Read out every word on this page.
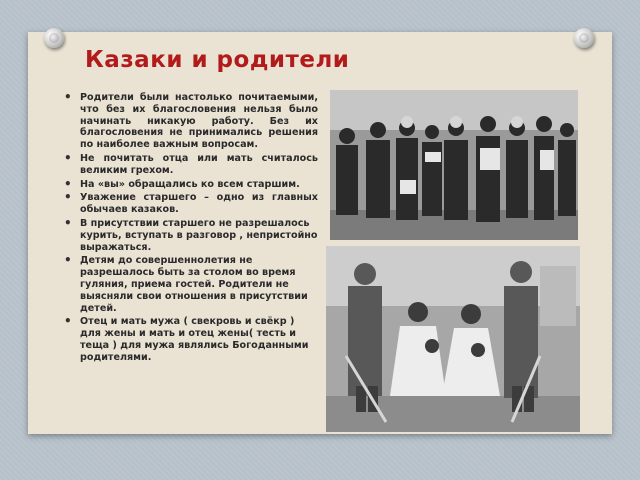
Казаки и родители
• Родители были настолько почитаемыми, что без их благословения нельзя было начинать никакую работу. Без их благословения не принимались решения по наиболее важным вопросам.
• Не почитать отца или мать считалось великим грехом.
• На «вы» обращались ко всем старшим.
• Уважение старшего – одно из главных обычаев казаков.
• В присутствии старшего не разрешалось курить, вступать в разговор , непристойно выражаться.
• Детям до совершеннолетия не разрешалось быть за столом во время гуляния, приема гостей. Родители не выясняли свои отношения в присутствии детей.
• Отец и мать мужа ( свекровь и свёкр ) для жены и мать и отец жены( тесть и теща ) для мужа являлись Богоданными родителями.
